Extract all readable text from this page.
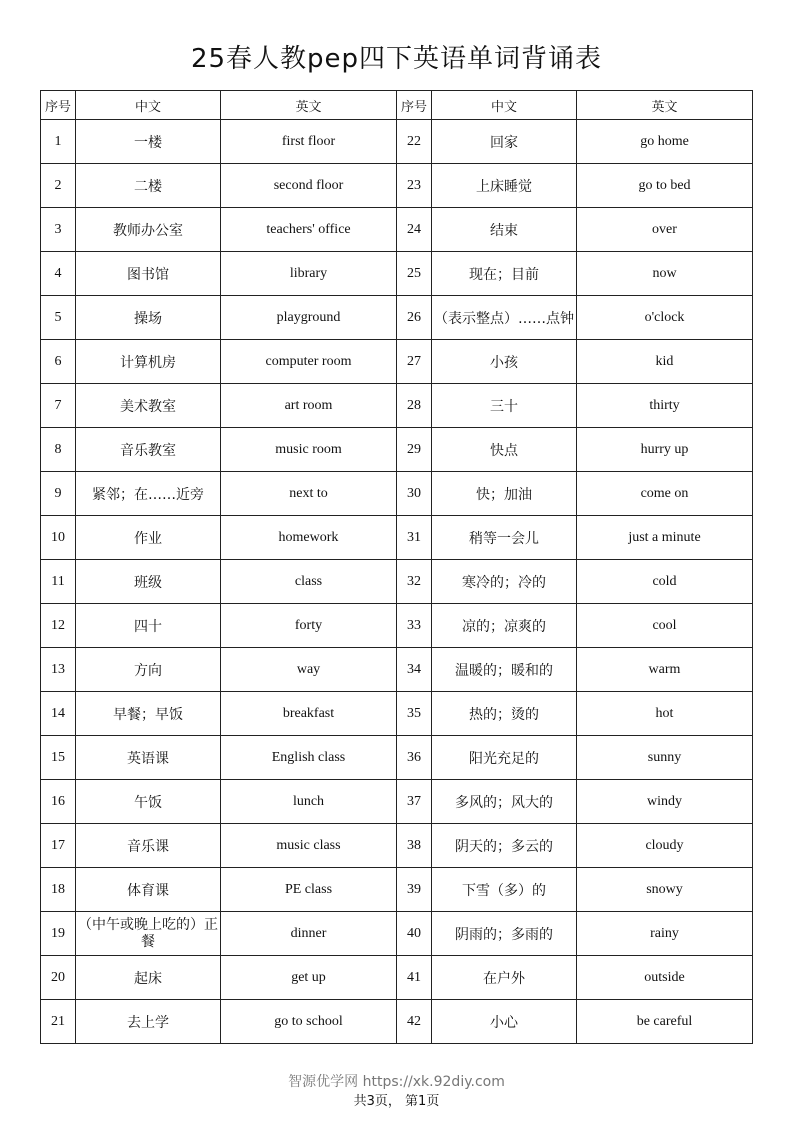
25春人教pep四下英语单词背诵表
序号	中文	英文	序号	中文	英文
1	一楼	first floor	22	回家	go home
2	二楼	second floor	23	上床睡觉	go to bed
3	教师办公室	teachers' office	24	结束	over
4	图书馆	library	25	现在；目前	now
5	操场	playground	26	（表示整点）……点钟	o'clock
6	计算机房	computer room	27	小孩	kid
7	美术教室	art room	28	三十	thirty
8	音乐教室	music room	29	快点	hurry up
9	紧邻；在……近旁	next to	30	快；加油	come on
10	作业	homework	31	稍等一会儿	just a minute
11	班级	class	32	寒冷的；冷的	cold
12	四十	forty	33	凉的；凉爽的	cool
13	方向	way	34	温暖的；暖和的	warm
14	早餐；早饭	breakfast	35	热的；烫的	hot
15	英语课	English class	36	阳光充足的	sunny
16	午饭	lunch	37	多风的；风大的	windy
17	音乐课	music class	38	阴天的；多云的	cloudy
18	体育课	PE class	39	下雪（多）的	snowy
19	（中午或晚上吃的）正餐	dinner	40	阴雨的；多雨的	rainy
20	起床	get up	41	在户外	outside
21	去上学	go to school	42	小心	be careful
智源优学网 https://xk.92diy.com
共3页， 第1页
